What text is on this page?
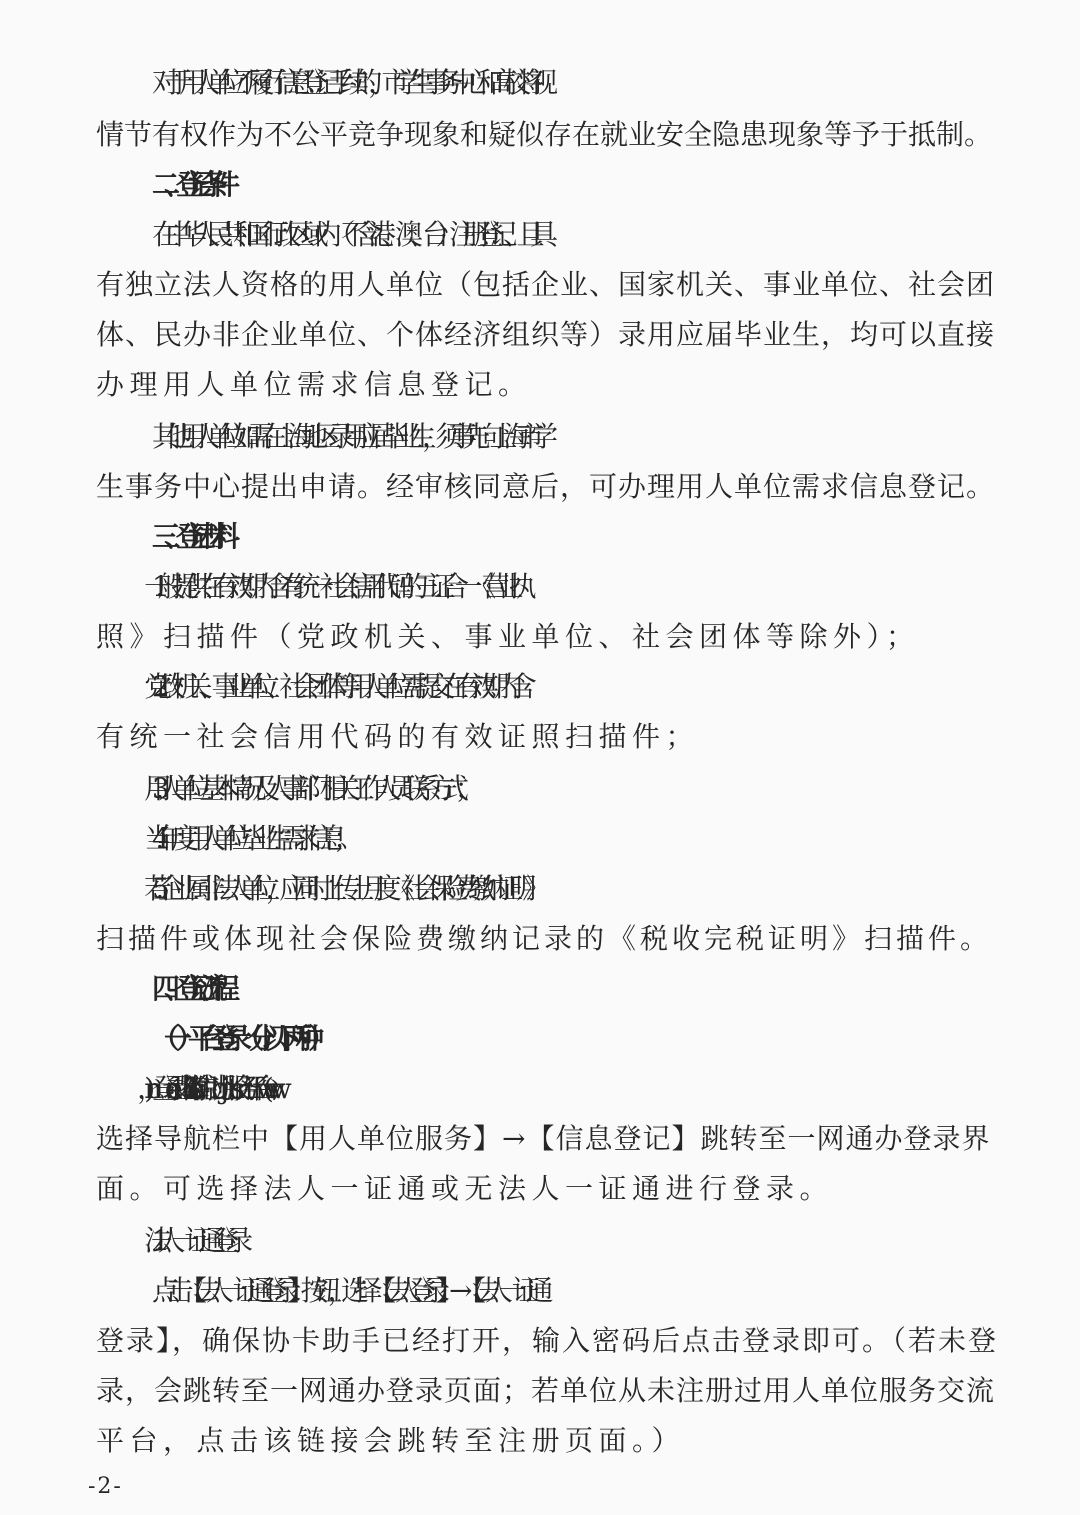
对于用人单位不履行信息登记手续的，市学生事务中心和高校将视
情节有权作为不公平竞争现象和疑似存在就业安全隐患现象等予于抵制。
二、登记条件
在中华人民共和国行政区域内（不含港、澳、台）注册登记、且具
有独立法人资格的用人单位（包括企业、国家机关、事业单位、社会团
体、民办非企业单位、个体经济组织等）录用应届毕业生，均可以直接
办理用人单位需求信息登记。
其他用人单位如需在上海地区录用应届毕业生，须事先向上海市学
生事务中心提出申请。经审核同意后，可办理用人单位需求信息登记。
三、登记材料
1. 一般提供在有效期内含有统一社会信用代码的三证合一《营业执
照》扫描件（党政机关、事业单位、社会团体等除外）；
2. 党政机关、事业单位、社会团体等用人单位需提交在有效期内含
有统一社会信用代码的有效证照扫描件；
3. 用人单位基本情况及人事部门相关工作人员联系方式；
4. 当年度用人单位毕业生需求信息；
5. 若企业属非法人单位，应同时上传上月度《社会保险费缴纳证明》
扫描件或体现社会保险费缴纳记录的《税收完税证明》扫描件。
四、登记流程
（一）平台登录（分以下两种）
选择导航栏中【用人单位服务】→【信息登记】跳转至一网通办登录界
面。可选择法人一证通或无法人一证通进行登录。
1. 法人一证通登录
点击【法人一证通登录】按钮，选择【法人登录】→【法人一证通
登录】，确保协卡助手已经打开，输入密码后点击登录即可。（若未登
录，会跳转至一网通办登录页面；若单位从未注册过用人单位服务交流
平台，点击该链接会跳转至注册页面。）
-2-
